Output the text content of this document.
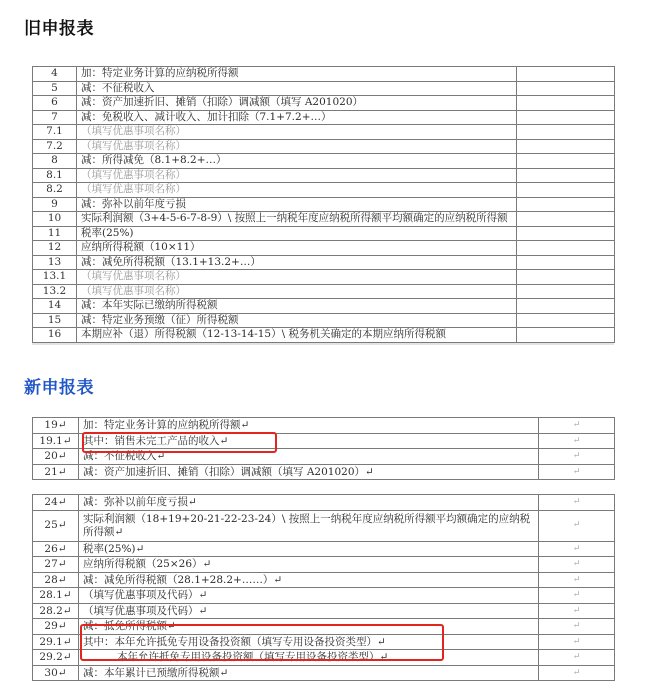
旧申报表
4	加：特定业务计算的应纳税所得额	
5	减：不征税收入	
6	减：资产加速折旧、摊销（扣除）调减额（填写 A201020）	
7	减：免税收入、减计收入、加计扣除（7.1+7.2+…）	
7.1	（填写优惠事项名称）	
7.2	（填写优惠事项名称）	
8	减：所得减免（8.1+8.2+…）	
8.1	（填写优惠事项名称）	
8.2	（填写优惠事项名称）	
9	减：弥补以前年度亏损	
10	实际利润额（3+4-5-6-7-8-9）\ 按照上一纳税年度应纳税所得额平均额确定的应纳税所得额	
11	税率(25%)	
12	应纳所得税额（10×11）	
13	减：减免所得税额（13.1+13.2+…）	
13.1	（填写优惠事项名称）	
13.2	（填写优惠事项名称）	
14	减：本年实际已缴纳所得税额	
15	减：特定业务预缴（征）所得税额	
16	本期应补（退）所得税额（12-13-14-15）\ 税务机关确定的本期应纳所得税额	
新申报表
19↵	加：特定业务计算的应纳税所得额↵	↵
19.1↵	其中：销售未完工产品的收入↵	↵
20↵	减：不征税收入↵	↵
21↵	减：资产加速折旧、摊销（扣除）调减额（填写 A201020）↵	↵
24↵	减：弥补以前年度亏损↵	↵
25↵	实际利润额（18+19+20-21-22-23-24）\ 按照上一纳税年度应纳税所得额平均额确定的应纳税所得额↵	↵
26↵	税率(25%)↵	↵
27↵	应纳所得税额（25×26）↵	↵
28↵	减：减免所得税额（28.1+28.2+……）↵	↵
28.1↵	（填写优惠事项及代码）↵	↵
28.2↵	（填写优惠事项及代码）↵	↵
29↵	减：抵免所得税额↵	↵
29.1↵	其中：本年允许抵免专用设备投资额（填写专用设备投资类型）↵	↵
29.2↵	本年允许抵免专用设备投资额（填写专用设备投资类型）↵	↵
30↵	减：本年累计已预缴所得税额↵	↵
